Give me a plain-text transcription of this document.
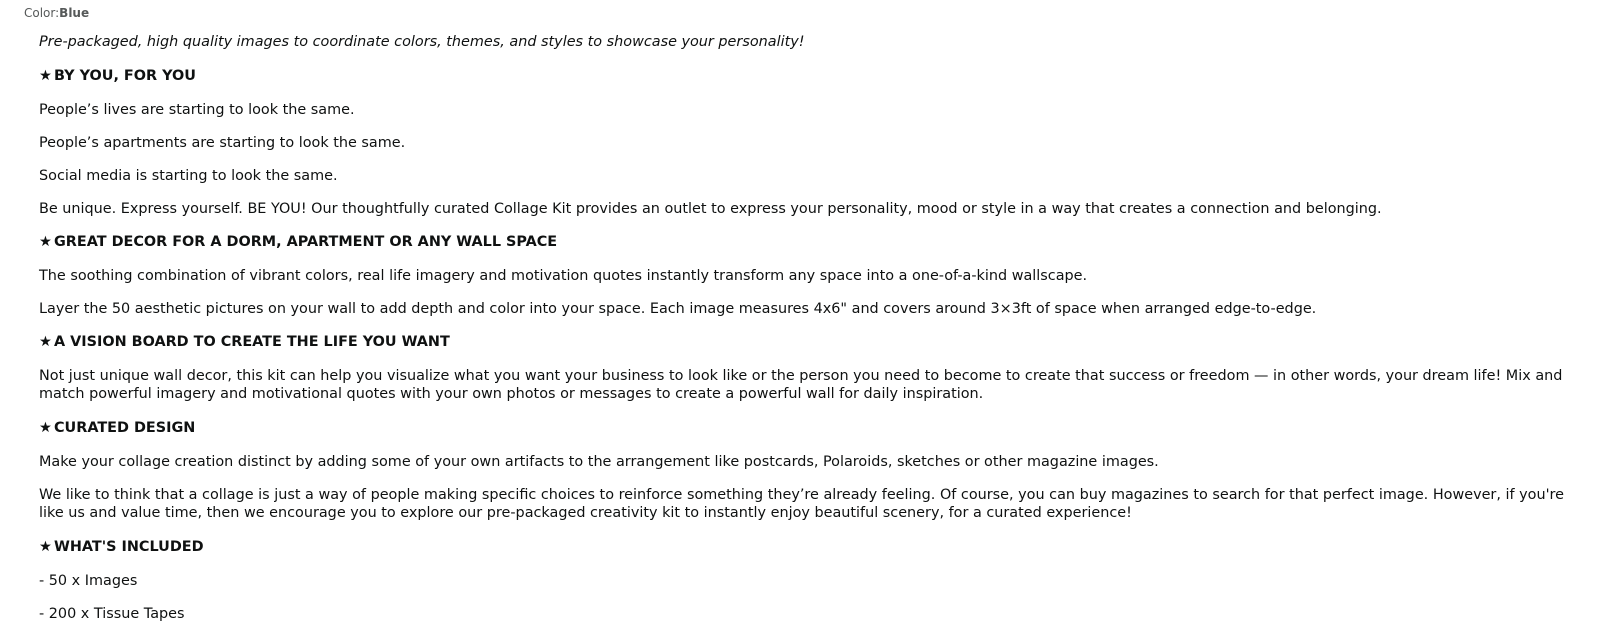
Color:Blue

Pre-packaged, high quality images to coordinate colors, themes, and styles to showcase your personality!

★ BY YOU, FOR YOU

People’s lives are starting to look the same.

People’s apartments are starting to look the same.

Social media is starting to look the same.

Be unique. Express yourself. BE YOU! Our thoughtfully curated Collage Kit provides an outlet to express your personality, mood or style in a way that creates a connection and belonging.

★ GREAT DECOR FOR A DORM, APARTMENT OR ANY WALL SPACE

The soothing combination of vibrant colors, real life imagery and motivation quotes instantly transform any space into a one-of-a-kind wallscape.

Layer the 50 aesthetic pictures on your wall to add depth and color into your space. Each image measures 4x6" and covers around 3×3ft of space when arranged edge-to-edge.

★ A VISION BOARD TO CREATE THE LIFE YOU WANT

Not just unique wall decor, this kit can help you visualize what you want your business to look like or the person you need to become to create that success or freedom — in other words, your dream life! Mix and match powerful imagery and motivational quotes with your own photos or messages to create a powerful wall for daily inspiration.

★ CURATED DESIGN

Make your collage creation distinct by adding some of your own artifacts to the arrangement like postcards, Polaroids, sketches or other magazine images.

We like to think that a collage is just a way of people making specific choices to reinforce something they’re already feeling. Of course, you can buy magazines to search for that perfect image. However, if you're like us and value time, then we encourage you to explore our pre-packaged creativity kit to instantly enjoy beautiful scenery, for a curated experience!

★ WHAT'S INCLUDED

- 50 x Images

- 200 x Tissue Tapes
